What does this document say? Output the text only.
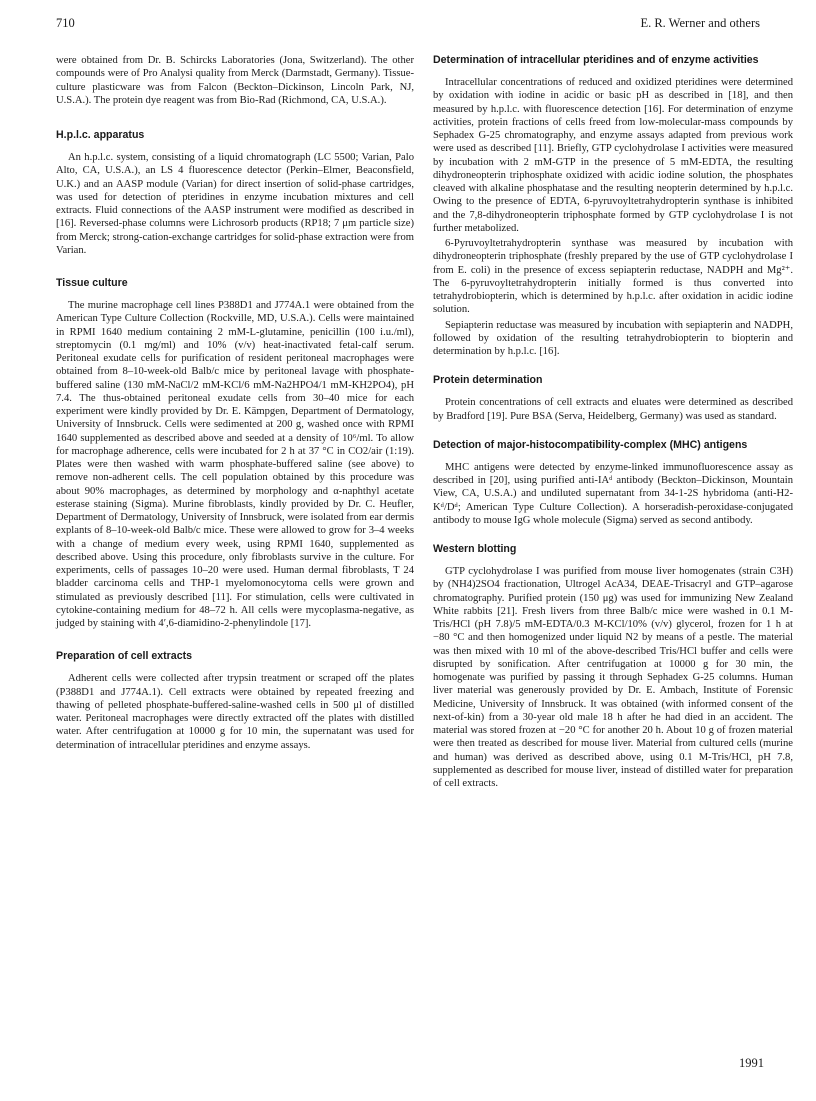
710	E. R. Werner and others

were obtained from Dr. B. Schircks Laboratories (Jona, Switzerland). The other compounds were of Pro Analysi quality from Merck (Darmstadt, Germany). Tissue-culture plasticware was from Falcon (Beckton–Dickinson, Lincoln Park, NJ, U.S.A.). The protein dye reagent was from Bio-Rad (Richmond, CA, U.S.A.).

H.p.l.c. apparatus

An h.p.l.c. system, consisting of a liquid chromatograph (LC 5500; Varian, Palo Alto, CA, U.S.A.), an LS 4 fluorescence detector (Perkin–Elmer, Beaconsfield, U.K.) and an AASP module (Varian) for direct insertion of solid-phase cartridges, was used for detection of pteridines in enzyme incubation mixtures and cell extracts. Fluid connections of the AASP instrument were modified as described in [16]. Reversed-phase columns were Lichrosorb products (RP18; 7 μm particle size) from Merck; strong-cation-exchange cartridges for solid-phase extraction were from Varian.

Tissue culture

The murine macrophage cell lines P388D1 and J774A.1 were obtained from the American Type Culture Collection (Rockville, MD, U.S.A.). Cells were maintained in RPMI 1640 medium containing 2 mM-L-glutamine, penicillin (100 i.u./ml), streptomycin (0.1 mg/ml) and 10% (v/v) heat-inactivated fetal-calf serum. Peritoneal exudate cells for purification of resident peritoneal macrophages were obtained from 8–10-week-old Balb/c mice by peritoneal lavage with phosphate-buffered saline (130 mM-NaCl/2 mM-KCl/6 mM-Na2HPO4/1 mM-KH2PO4), pH 7.4. The thus-obtained peritoneal exudate cells from 30–40 mice for each experiment were kindly provided by Dr. E. Kämpgen, Department of Dermatology, University of Innsbruck. Cells were sedimented at 200 g, washed once with RPMI 1640 supplemented as described above and seeded at a density of 10⁶/ml. To allow for macrophage adherence, cells were incubated for 2 h at 37 °C in CO2/air (1:19). Plates were then washed with warm phosphate-buffered saline (see above) to remove non-adherent cells. The cell population obtained by this procedure was about 90% macrophages, as determined by morphology and α-naphthyl acetate esterase staining (Sigma). Murine fibroblasts, kindly provided by Dr. C. Heufler, Department of Dermatology, University of Innsbruck, were isolated from ear dermis explants of 8–10-week-old Balb/c mice. These were allowed to grow for 3–4 weeks with a change of medium every week, using RPMI 1640, supplemented as described above. Using this procedure, only fibroblasts survive in the culture. For experiments, cells of passages 10–20 were used. Human dermal fibroblasts, T 24 bladder carcinoma cells and THP-1 myelomonocytoma cells were grown and stimulated as previously described [11]. For stimulation, cells were cultivated in cytokine-containing medium for 48–72 h. All cells were mycoplasma-negative, as judged by staining with 4′,6-diamidino-2-phenylindole [17].

Preparation of cell extracts

Adherent cells were collected after trypsin treatment or scraped off the plates (P388D1 and J774A.1). Cell extracts were obtained by repeated freezing and thawing of pelleted phosphate-buffered-saline-washed cells in 500 μl of distilled water. Peritoneal macrophages were directly extracted off the plates with distilled water. After centrifugation at 10000 g for 10 min, the supernatant was used for determination of intracellular pteridines and enzyme assays.

Determination of intracellular pteridines and of enzyme activities

Intracellular concentrations of reduced and oxidized pteridines were determined by oxidation with iodine in acidic or basic pH as described in [18], and then measured by h.p.l.c. with fluorescence detection [16]. For determination of enzyme activities, protein fractions of cells freed from low-molecular-mass compounds by Sephadex G-25 chromatography, and enzyme assays adapted from previous work were used as described [11]. Briefly, GTP cyclohydrolase I activities were measured by incubation with 2 mM-GTP in the presence of 5 mM-EDTA, the resulting dihydroneopterin triphosphate oxidized with acidic iodine solution, the phosphates cleaved with alkaline phosphatase and the resulting neopterin determined by h.p.l.c. Owing to the presence of EDTA, 6-pyruvoyltetrahydropterin synthase is inhibited and the 7,8-dihydroneopterin triphosphate formed by GTP cyclohydrolase I is not further metabolized.

6-Pyruvoyltetrahydropterin synthase was measured by incubation with dihydroneopterin triphosphate (freshly prepared by the use of GTP cyclohydrolase I from E. coli) in the presence of excess sepiapterin reductase, NADPH and Mg²⁺. The 6-pyruvoyltetrahydropterin initially formed is thus converted into tetrahydrobiopterin, which is determined by h.p.l.c. after oxidation in acidic iodine solution.

Sepiapterin reductase was measured by incubation with sepiapterin and NADPH, followed by oxidation of the resulting tetrahydrobiopterin to biopterin and determination by h.p.l.c. [16].

Protein determination

Protein concentrations of cell extracts and eluates were determined as described by Bradford [19]. Pure BSA (Serva, Heidelberg, Germany) was used as standard.

Detection of major-histocompatibility-complex (MHC) antigens

MHC antigens were detected by enzyme-linked immunofluorescence assay as described in [20], using purified anti-IAᵈ antibody (Beckton–Dickinson, Mountain View, CA, U.S.A.) and undiluted supernatant from 34-1-2S hybridoma (anti-H2-Kᵈ/Dᵈ; American Type Culture Collection). A horseradish-peroxidase-conjugated antibody to mouse IgG whole molecule (Sigma) served as second antibody.

Western blotting

GTP cyclohydrolase I was purified from mouse liver homogenates (strain C3H) by (NH4)2SO4 fractionation, Ultrogel AcA34, DEAE-Trisacryl and GTP–agarose chromatography. Purified protein (150 μg) was used for immunizing New Zealand White rabbits [21]. Fresh livers from three Balb/c mice were washed in 0.1 M-Tris/HCl (pH 7.8)/5 mM-EDTA/0.3 M-KCl/10% (v/v) glycerol, frozen for 1 h at −80 °C and then homogenized under liquid N2 by means of a pestle. The material was then mixed with 10 ml of the above-described Tris/HCl buffer and cells were disrupted by sonification. After centrifugation at 10000 g for 30 min, the homogenate was purified by passing it through Sephadex G-25 columns. Human liver material was generously provided by Dr. E. Ambach, Institute of Forensic Medicine, University of Innsbruck. It was obtained (with informed consent of the next-of-kin) from a 30-year old male 18 h after he had died in an accident. The material was stored frozen at −20 °C for another 20 h. About 10 g of frozen material were then treated as described for mouse liver. Material from cultured cells (murine and human) was derived as described above, using 0.1 M-Tris/HCl, pH 7.8, supplemented as described for mouse liver, instead of distilled water for preparation of cell extracts.

1991
